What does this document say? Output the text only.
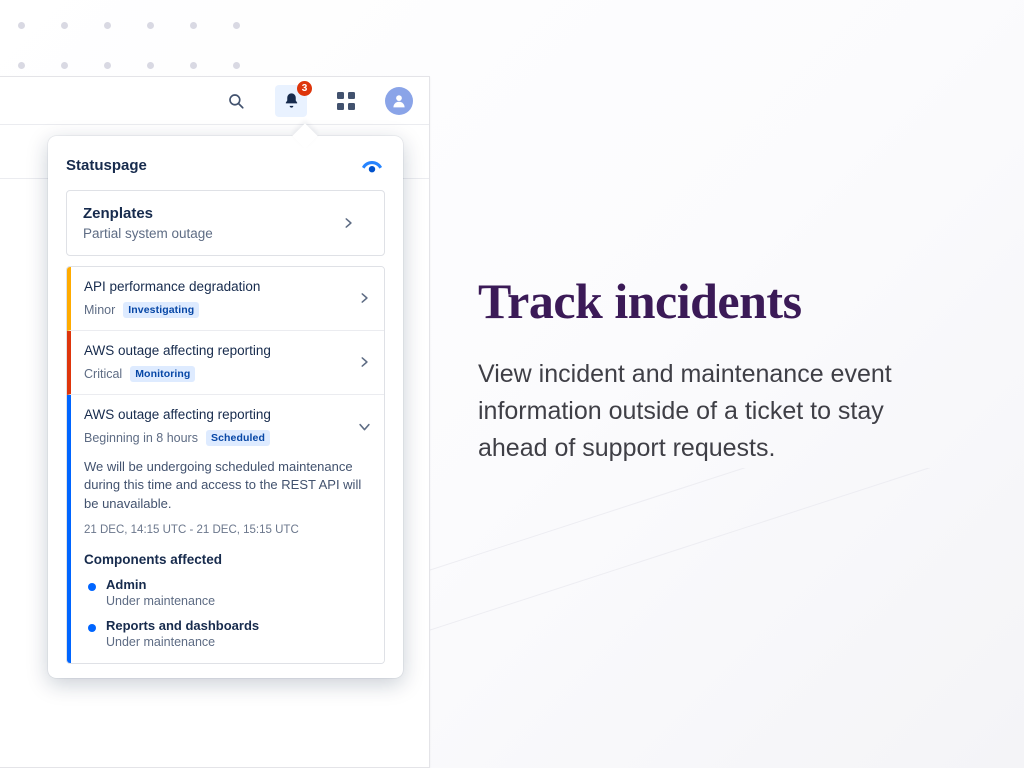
3
Statuspage
Zenplates
Partial system outage
API performance degradation
Minor	Investigating
AWS outage affecting reporting
Critical	Monitoring
AWS outage affecting reporting
Beginning in 8 hours	Scheduled
We will be undergoing scheduled maintenance during this time and access to the REST API will be unavailable.
21 DEC, 14:15 UTC - 21 DEC, 15:15 UTC
Components affected
Admin
Under maintenance
Reports and dashboards
Under maintenance
Track incidents

View incident and maintenance event information outside of a ticket to stay ahead of support requests.
